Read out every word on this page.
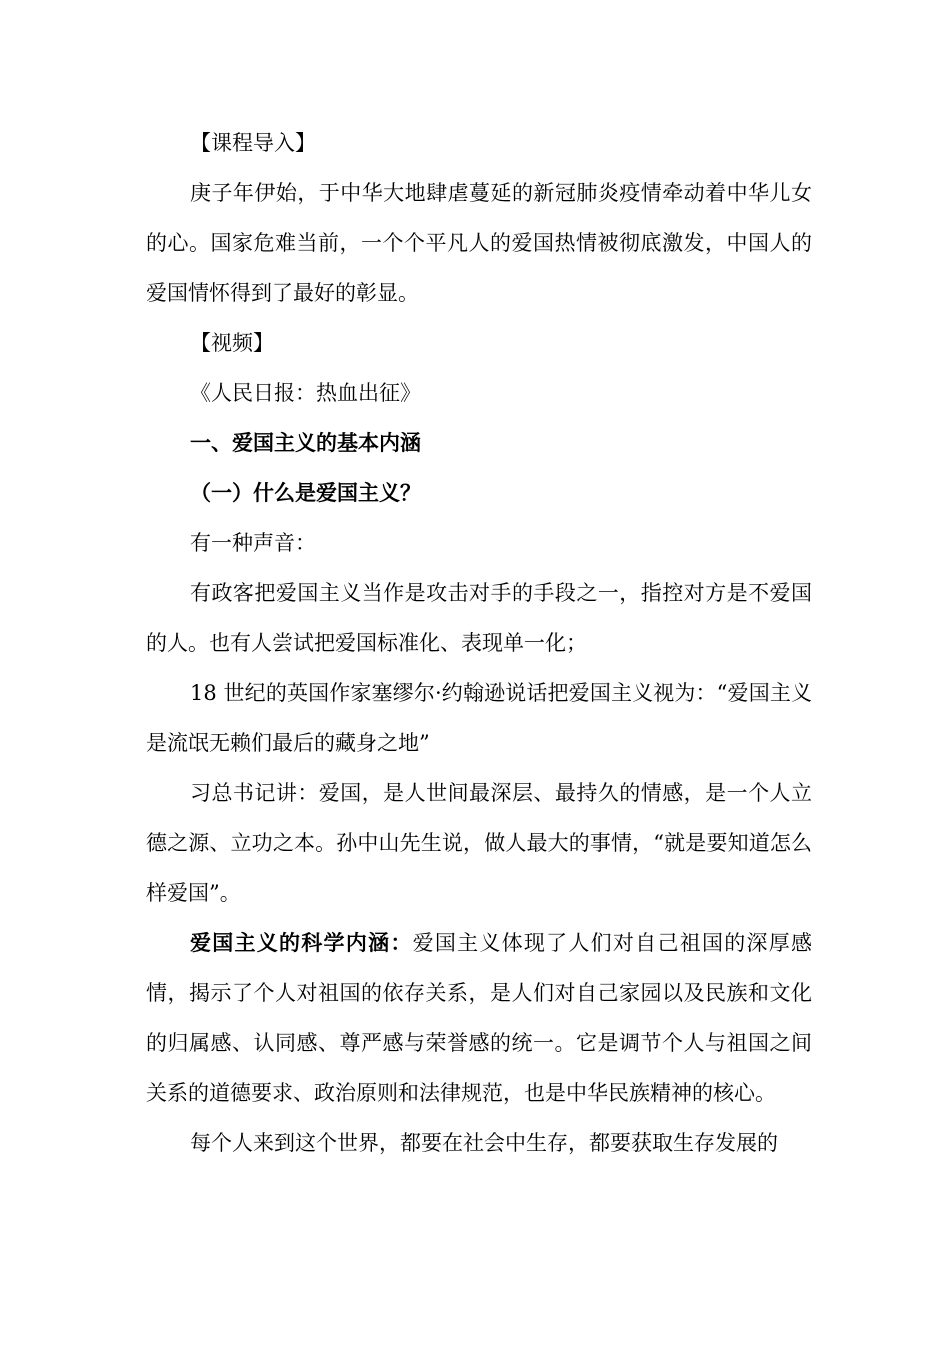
【课程导入】

庚子年伊始，于中华大地肆虐蔓延的新冠肺炎疫情牵动着中华儿女的心。国家危难当前，一个个平凡人的爱国热情被彻底激发，中国人的爱国情怀得到了最好的彰显。

【视频】

《人民日报：热血出征》

一、爱国主义的基本内涵

（一）什么是爱国主义？

有一种声音：

有政客把爱国主义当作是攻击对手的手段之一，指控对方是不爱国的人。也有人尝试把爱国标准化、表现单一化；

18 世纪的英国作家塞缪尔·约翰逊说话把爱国主义视为：“爱国主义是流氓无赖们最后的藏身之地”

习总书记讲：爱国，是人世间最深层、最持久的情感，是一个人立德之源、立功之本。孙中山先生说，做人最大的事情，“就是要知道怎么样爱国”。

爱国主义的科学内涵：爱国主义体现了人们对自己祖国的深厚感情，揭示了个人对祖国的依存关系，是人们对自己家园以及民族和文化的归属感、认同感、尊严感与荣誉感的统一。它是调节个人与祖国之间关系的道德要求、政治原则和法律规范，也是中华民族精神的核心。

每个人来到这个世界，都要在社会中生存，都要获取生存发展的
